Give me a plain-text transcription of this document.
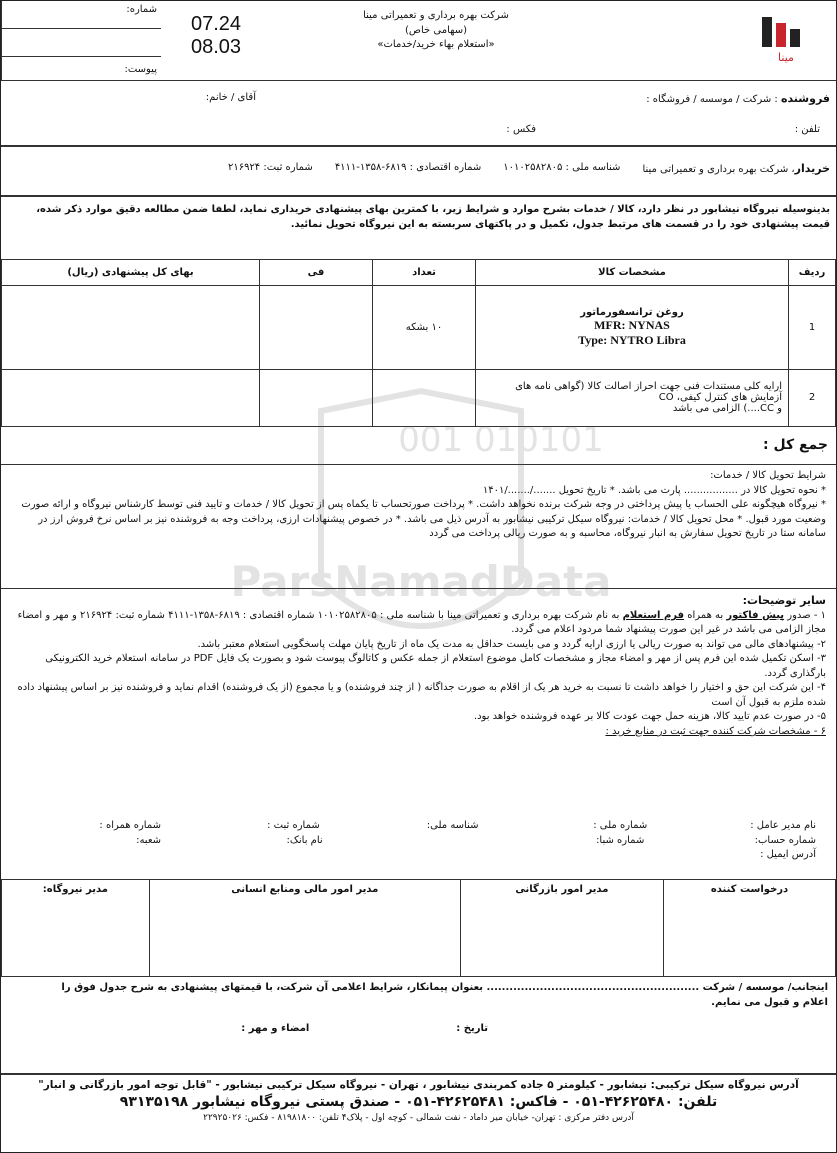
مینا
شرکت بهره برداری و تعمیراتی مینا
(سهامی خاص)
«استعلام بهاء خرید/خدمات»
07.24
08.03
شماره:
پیوست:
فروشنده : شرکت / موسسه / فروشگاه :
آقای / خانم:
تلفن :
فکس :
خریدار، شرکت بهره برداری و تعمیراتی مینا
شناسه ملی : ۱۰۱۰۲۵۸۲۸۰۵
شماره اقتصادی : ۶۸۱۹-۱۳۵۸-۴۱۱۱
شماره ثبت: ۲۱۶۹۲۴
بدینوسیله نیروگاه نیشابور در نظر دارد، کالا / خدمات بشرح موارد و شرایط زیر، با کمترین بهای پیشنهادی خریداری نماید، لطفا ضمن مطالعه دقیق موارد ذکر شده، قیمت پیشنهادی خود را در قسمت های مرتبط جدول، تکمیل و در پاکتهای سربسته به این نیروگاه تحویل نمائید.
ردیف	مشخصات کالا	تعداد	فی	بهای کل پیشنهادی (ریال)
1	روغن ترانسفورماتور
MFR: NYNAS
Type: NYTRO Libra	۱۰ بشکه		
2	ارایه کلی مستندات فنی جهت احراز اصالت کالا (گواهی نامه های آزمایش های کنترل کیفی، CO
و CC....) الزامی می باشد			

جمع کل :
شرایط تحویل کالا / خدمات:
* نحوه تحویل کالا در ................. پارت می باشد. * تاریخ تحویل ......./......./۱۴۰۱
* نیروگاه هیچگونه علی الحساب یا پیش پرداختی در وجه شرکت برنده نخواهد داشت. * پرداخت صورتحساب تا یکماه پس از تحویل کالا / خدمات و تایید فنی توسط کارشناس نیروگاه و ارائه صورت وضعیت مورد قبول. * محل تحویل کالا / خدمات: نیروگاه سیکل ترکیبی نیشابور به آدرس ذیل می باشد. * در خصوص پیشنهادات ارزی، پرداخت وجه به فروشنده نیز بر اساس نرخ فروش ارز در سامانه ستا در تاریخ تحویل سفارش به انبار نیروگاه، محاسبه و به صورت ریالی پرداخت می گردد
سایر توضیحات:
۱ - صدور پیش فاکتور به همراه فرم استعلام به نام شرکت بهره برداری و تعمیراتی مینا با شناسه ملی : ۱۰۱۰۲۵۸۲۸۰۵ شماره اقتصادی : ۶۸۱۹-۱۳۵۸-۴۱۱۱ شماره ثبت: ۲۱۶۹۲۴ و مهر و امضاء مجاز الزامی می باشد در غیر این صورت پیشنهاد شما مردود اعلام می گردد.
۲- پیشنهادهای مالی می تواند به صورت ریالی یا ارزی ارایه گردد و می بایست حداقل به مدت یک ماه از تاریخ پایان مهلت پاسخگویی استعلام معتبر باشد.
۳- اسکن تکمیل شده این فرم پس از مهر و امضاء مجاز و مشخصات کامل موضوع استعلام از جمله عکس و کاتالوگ پیوست شود و بصورت یک فایل PDF در سامانه استعلام خرید الکترونیکی بارگذاری گردد.
۴- این شرکت این حق و اختیار را خواهد داشت تا نسبت به خرید هر یک از اقلام به صورت جداگانه ( از چند فروشنده) و یا مجموع (از یک فروشنده) اقدام نماید و فروشنده نیز بر اساس پیشنهاد داده شده ملزم به قبول آن است
۵- در صورت عدم تایید کالا، هزینه حمل جهت عودت کالا بر عهده فروشنده خواهد بود.
۶ - مشخصات شرکت کننده جهت ثبت در منابع خرید :
نام مدیر عامل :
شماره ملی :
شناسه ملی:
شماره ثبت :
شماره همراه :
شماره حساب:
شماره شبا:
نام بانک:
شعبه:
آدرس ایمیل :
درخواست کننده	مدیر امور بازرگانی	مدیر امور مالی ومنابع انسانی	مدیر نیروگاه:
اینجانب/ موسسه / شرکت ........................................................ بعنوان پیمانکار، شرایط اعلامی آن شرکت، با قیمتهای پیشنهادی به شرح جدول فوق را
اعلام و قبول می نمایم.
تاریخ :  امضاء و مهر :
آدرس نیروگاه سیکل ترکیبی: نیشابور - کیلومتر ۵ جاده کمربندی نیشابور ، تهران - نیروگاه سیکل ترکیبی نیشابور - "قابل توجه امور بازرگانی و انبار"
تلفن: ۴۲۶۲۵۴۸۰-۰۵۱ - فاکس: ۴۲۶۲۵۴۸۱-۰۵۱ - صندق پستی نیروگاه نیشابور ۹۳۱۳۵۱۹۸
آدرس دفتر مرکزی : تهران- خیابان میر داماد - نفت شمالی - کوچه اول - پلاک۴ تلفن: ۸۱۹۸۱۸۰۰ - فکس: ۲۲۹۲۵۰۲۶
010101 001
ParsNamadData
